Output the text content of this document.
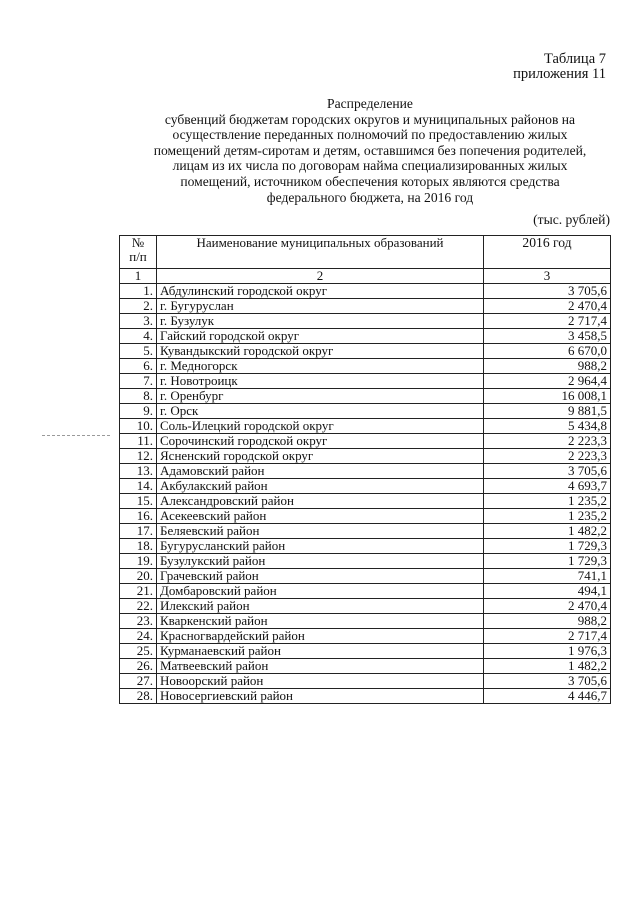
Таблица 7
приложения 11
Распределение
субвенций бюджетам городских округов и муниципальных районов на
осуществление переданных полномочий по предоставлению жилых
помещений детям-сиротам и детям, оставшимся без попечения родителей,
лицам из их числа по договорам найма специализированных жилых
помещений, источником обеспечения которых являются средства
федерального бюджета, на 2016 год
(тыс. рублей)
№
п/п	Наименование муниципальных образований	2016 год
1	2	3
1.	Абдулинский городской округ	3 705,6
2.	г. Бугуруслан	2 470,4
3.	г. Бузулук	2 717,4
4.	Гайский городской округ	3 458,5
5.	Кувандыкский городской округ	6 670,0
6.	г. Медногорск	988,2
7.	г. Новотроицк	2 964,4
8.	г. Оренбург	16 008,1
9.	г. Орск	9 881,5
10.	Соль-Илецкий городской округ	5 434,8
11.	Сорочинский городской округ	2 223,3
12.	Ясненский городской округ	2 223,3
13.	Адамовский район	3 705,6
14.	Акбулакский район	4 693,7
15.	Александровский район	1 235,2
16.	Асекеевский район	1 235,2
17.	Беляевский район	1 482,2
18.	Бугурусланский район	1 729,3
19.	Бузулукский район	1 729,3
20.	Грачевский район	741,1
21.	Домбаровский район	494,1
22.	Илекский район	2 470,4
23.	Кваркенский район	988,2
24.	Красногвардейский район	2 717,4
25.	Курманаевский район	1 976,3
26.	Матвеевский район	1 482,2
27.	Новоорский район	3 705,6
28.	Новосергиевский район	4 446,7
